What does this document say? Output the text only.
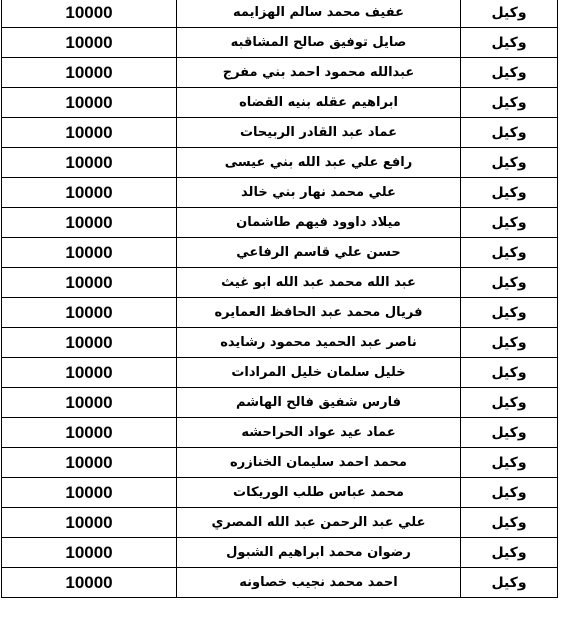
وكيل	عفيف محمد سالم الهزايمه	10000
وكيل	صايل توفيق صالح المشاقبه	10000
وكيل	عبدالله محمود احمد بني مفرج	10000
وكيل	ابراهيم عقله بنيه القضاه	10000
وكيل	عماد عبد القادر الربيحات	10000
وكيل	رافع علي عبد الله بني عيسى	10000
وكيل	علي محمد نهار بني خالد	10000
وكيل	ميلاد داوود فيهم طاشمان	10000
وكيل	حسن علي قاسم الرفاعي	10000
وكيل	عبد الله محمد عبد الله ابو غيث	10000
وكيل	فريال محمد عبد الحافظ العمايره	10000
وكيل	ناصر عبد الحميد محمود رشايده	10000
وكيل	خليل سلمان خليل المرادات	10000
وكيل	فارس شفيق فالح الهاشم	10000
وكيل	عماد عيد عواد الحراحشه	10000
وكيل	محمد احمد سليمان الخنازره	10000
وكيل	محمد عباس طلب الوريكات	10000
وكيل	علي عبد الرحمن عبد الله المصري	10000
وكيل	رضوان محمد ابراهيم الشبول	10000
وكيل	احمد محمد نجيب خصاونه	10000
